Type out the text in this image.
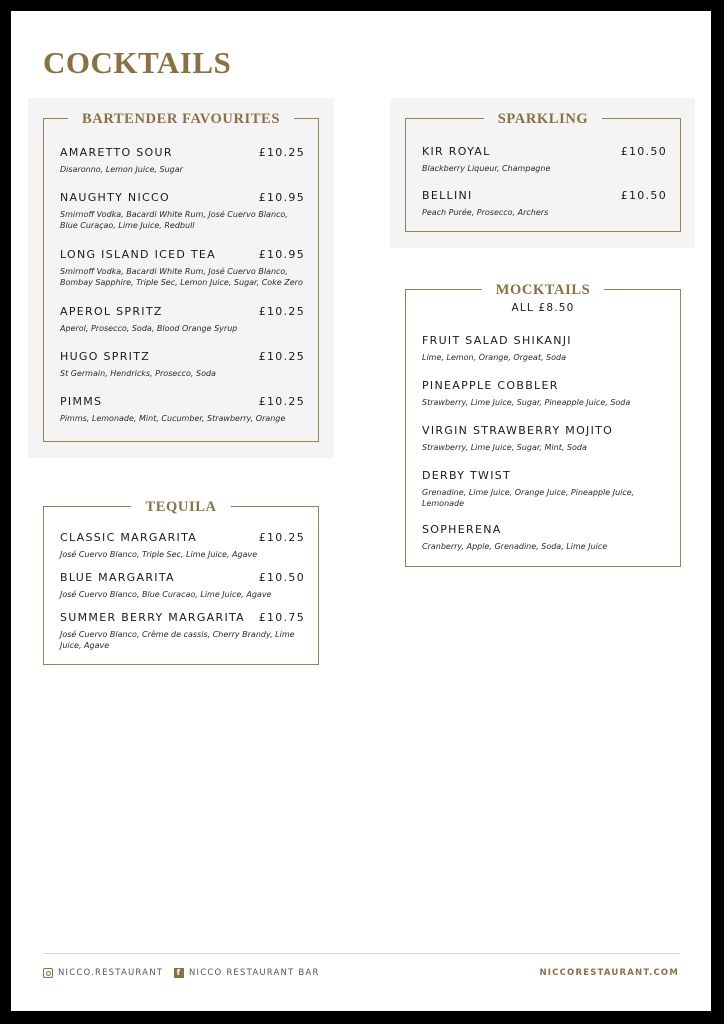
COCKTAILS
BARTENDER FAVOURITES
AMARETTO SOUR	£10.25
Disaronno, Lemon Juice, Sugar
NAUGHTY NICCO	£10.95
Smirnoff Vodka, Bacardi White Rum, José Cuervo Blanco, Blue Curaçao, Lime Juice, Redbull
LONG ISLAND ICED TEA	£10.95
Smirnoff Vodka, Bacardi White Rum, José Cuervo Blanco, Bombay Sapphire, Triple Sec, Lemon Juice, Sugar, Coke Zero
APEROL SPRITZ	£10.25
Aperol, Prosecco, Soda, Blood Orange Syrup
HUGO SPRITZ	£10.25
St Germain, Hendricks, Prosecco, Soda
PIMMS	£10.25
Pimms, Lemonade, Mint, Cucumber, Strawberry, Orange
TEQUILA
CLASSIC MARGARITA	£10.25
José Cuervo Blanco, Triple Sec, Lime Juice, Agave
BLUE MARGARITA	£10.50
José Cuervo Blanco, Blue Curacao, Lime Juice, Agave
SUMMER BERRY MARGARITA £10.75
José Cuervo Blanco, Crème de cassis, Cherry Brandy, Lime Juice, Agave
SPARKLING
KIR ROYAL	£10.50
Blackberry Liqueur, Champagne
BELLINI	£10.50
Peach Purée, Prosecco, Archers
MOCKTAILS
ALL £8.50
FRUIT SALAD SHIKANJI
Lime, Lemon, Orange, Orgeat, Soda
PINEAPPLE COBBLER
Strawberry, Lime Juice, Sugar, Pineapple Juice, Soda
VIRGIN STRAWBERRY MOJITO
Strawberry, Lime Juice, Sugar, Mint, Soda
DERBY TWIST
Grenadine, Lime Juice, Orange Juice, Pineapple Juice, Lemonade
SOPHERENA
Cranberry, Apple, Grenadine, Soda, Lime Juice
NICCO.RESTAURANT	f NICCO RESTAURANT BAR	NICCORESTAURANT.COM
